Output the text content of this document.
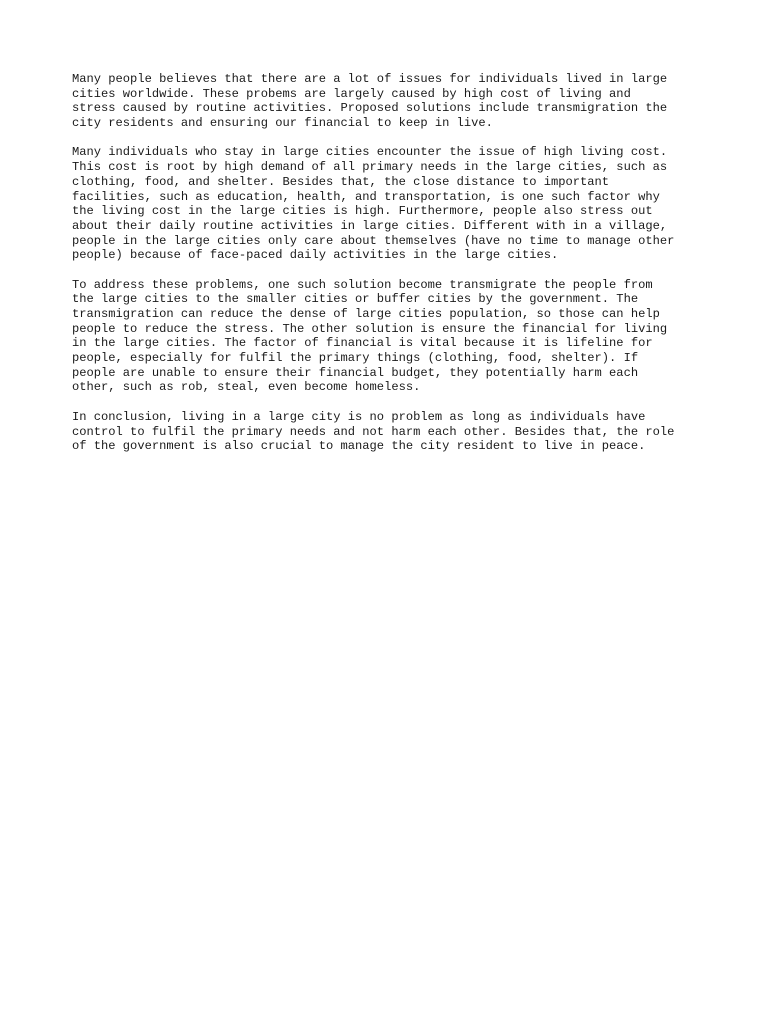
Many people believes that there are a lot of issues for individuals lived in large
cities worldwide. These probems are largely caused by high cost of living and
stress caused by routine activities. Proposed solutions include transmigration the
city residents and ensuring our financial to keep in live.

Many individuals who stay in large cities encounter the issue of high living cost.
This cost is root by high demand of all primary needs in the large cities, such as
clothing, food, and shelter. Besides that, the close distance to important
facilities, such as education, health, and transportation, is one such factor why
the living cost in the large cities is high. Furthermore, people also stress out
about their daily routine activities in large cities. Different with in a village,
people in the large cities only care about themselves (have no time to manage other
people) because of face-paced daily activities in the large cities.

To address these problems, one such solution become transmigrate the people from
the large cities to the smaller cities or buffer cities by the government. The
transmigration can reduce the dense of large cities population, so those can help
people to reduce the stress. The other solution is ensure the financial for living
in the large cities. The factor of financial is vital because it is lifeline for
people, especially for fulfil the primary things (clothing, food, shelter). If
people are unable to ensure their financial budget, they potentially harm each
other, such as rob, steal, even become homeless.

In conclusion, living in a large city is no problem as long as individuals have
control to fulfil the primary needs and not harm each other. Besides that, the role
of the government is also crucial to manage the city resident to live in peace.
